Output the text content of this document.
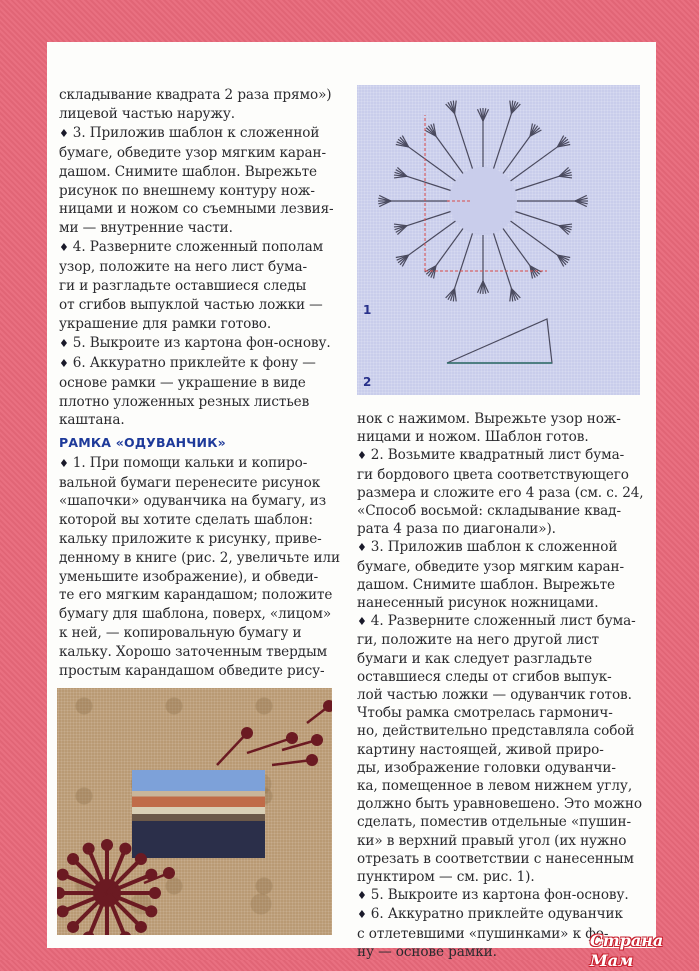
складывание квадрата 2 раза прямо»)

лицевой частью наружу.

♦ 3. Приложив шаблон к сложенной

бумаге, обведите узор мягким каран-

дашом. Снимите шаблон. Вырежьте

рисунок по внешнему контуру нож-

ницами и ножом со съемными лезвия-

ми — внутренние части.

♦ 4. Разверните сложенный пополам

узор, положите на него лист бума-

ги и разгладьте оставшиеся следы

от сгибов выпуклой частью ложки —

украшение для рамки готово.

♦ 5. Выкроите из картона фон-основу.

♦ 6. Аккуратно приклейте к фону —

основе рамки — украшение в виде

плотно уложенных резных листьев

каштана.

РАМКА «ОДУВАНЧИК»

♦ 1. При помощи кальки и копиро-

вальной бумаги перенесите рисунок

«шапочки» одуванчика на бумагу, из

которой вы хотите сделать шаблон:

кальку приложите к рисунку, приве-

денному в книге (рис. 2, увеличьте или

уменьшите изображение), и обведи-

те его мягким карандашом; положите

бумагу для шаблона, поверх, «лицом»

к ней, — копировальную бумагу и

кальку. Хорошо заточенным твердым

простым карандашом обведите рису-

нок с нажимом. Вырежьте узор нож-

ницами и ножом. Шаблон готов.

♦ 2. Возьмите квадратный лист бума-

ги бордового цвета соответствующего

размера и сложите его 4 раза (см. с. 24,

«Способ восьмой: складывание квад-

рата 4 раза по диагонали»).

♦ 3. Приложив шаблон к сложенной

бумаге, обведите узор мягким каран-

дашом. Снимите шаблон. Вырежьте

нанесенный рисунок ножницами.

♦ 4. Разверните сложенный лист бума-

ги, положите на него другой лист

бумаги и как следует разгладьте

оставшиеся следы от сгибов выпук-

лой частью ложки — одуванчик готов.

Чтобы рамка смотрелась гармонич-

но, действительно представляла собой

картину настоящей, живой приро-

ды, изображение головки одуванчи-

ка, помещенное в левом нижнем углу,

должно быть уравновешено. Это можно

сделать, поместив отдельные «пушин-

ки» в верхний правый угол (их нужно

отрезать в соответствии с нанесенным

пунктиром — см. рис. 1).

♦ 5. Выкроите из картона фон-основу.

♦ 6. Аккуратно приклейте одуванчик

с отлетевшими «пушинками» к фо-

ну — основе рамки.

1
2
Страна Мам
